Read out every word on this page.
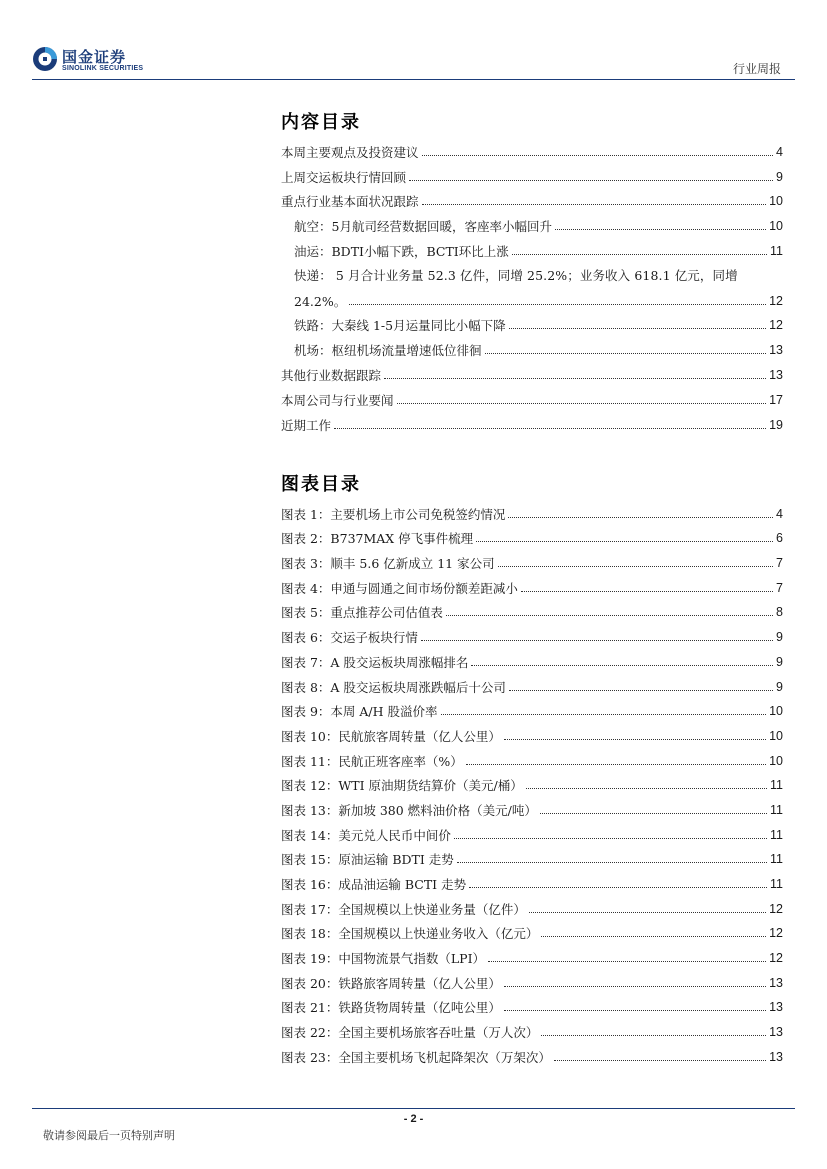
国金证券
SINOLINK SECURITIES	行业周报
内容目录
本周主要观点及投资建议	4
上周交运板块行情回顾	9
重点行业基本面状况跟踪	10
航空：5月航司经营数据回暖，客座率小幅回升	10
油运：BDTI小幅下跌，BCTI环比上涨	11
快递： 5 月合计业务量 52.3 亿件，同增 25.2%；业务收入 618.1 亿元，同增
24.2%。	12
铁路：大秦线 1-5月运量同比小幅下降	12
机场：枢纽机场流量增速低位徘徊	13
其他行业数据跟踪	13
本周公司与行业要闻	17
近期工作	19
图表目录
图表 1：主要机场上市公司免税签约情况	4
图表 2：B737MAX 停飞事件梳理	6
图表 3：顺丰 5.6 亿新成立 11 家公司	7
图表 4：申通与圆通之间市场份额差距减小	7
图表 5：重点推荐公司估值表	8
图表 6：交运子板块行情	9
图表 7：A 股交运板块周涨幅排名	9
图表 8：A 股交运板块周涨跌幅后十公司	9
图表 9：本周 A/H 股溢价率	10
图表 10：民航旅客周转量（亿人公里）	10
图表 11：民航正班客座率（%）	10
图表 12：WTI 原油期货结算价（美元/桶）	11
图表 13：新加坡 380 燃料油价格（美元/吨）	11
图表 14：美元兑人民币中间价	11
图表 15：原油运输 BDTI 走势	11
图表 16：成品油运输 BCTI 走势	11
图表 17：全国规模以上快递业务量（亿件）	12
图表 18：全国规模以上快递业务收入（亿元）	12
图表 19：中国物流景气指数（LPI）	12
图表 20：铁路旅客周转量（亿人公里）	13
图表 21：铁路货物周转量（亿吨公里）	13
图表 22：全国主要机场旅客吞吐量（万人次）	13
图表 23：全国主要机场飞机起降架次（万架次）	13
- 2 -
敬请参阅最后一页特别声明
